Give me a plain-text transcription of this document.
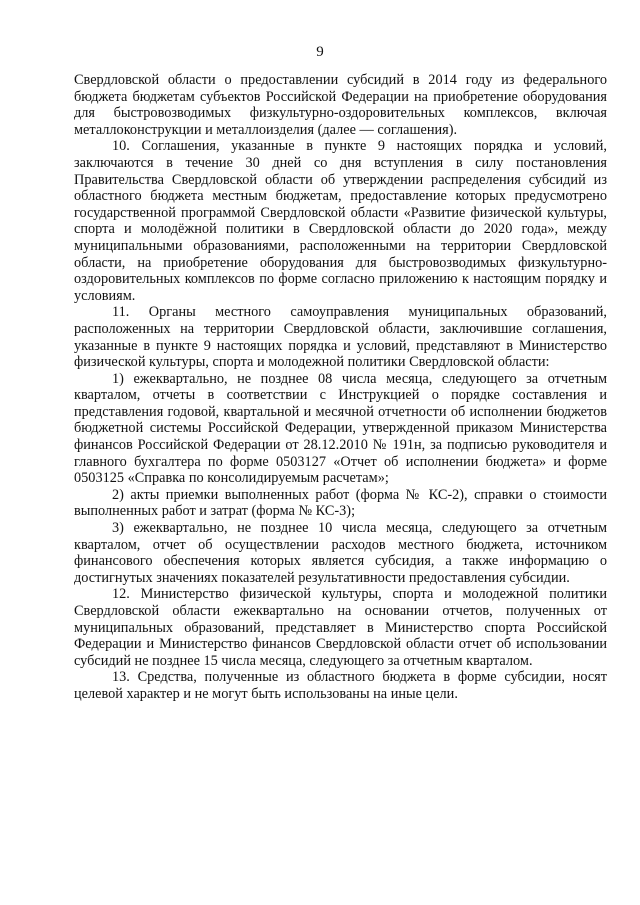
9

Свердловской области о предоставлении субсидий в 2014 году из федерального бюджета бюджетам субъектов Российской Федерации на приобретение оборудования для быстровозводимых физкультурно-оздоровительных комплексов, включая металлоконструкции и металлоизделия (далее — соглашения).

10. Соглашения, указанные в пункте 9 настоящих порядка и условий, заключаются в течение 30 дней со дня вступления в силу постановления Правительства Свердловской области об утверждении распределения субсидий из областного бюджета местным бюджетам, предоставление которых предусмотрено государственной программой Свердловской области «Развитие физической культуры, спорта и молодёжной политики в Свердловской области до 2020 года», между муниципальными образованиями, расположенными на территории Свердловской области, на приобретение оборудования для быстровозводимых физкультурно-оздоровительных комплексов по форме согласно приложению к настоящим порядку и условиям.

11. Органы местного самоуправления муниципальных образований, расположенных на территории Свердловской области, заключившие соглашения, указанные в пункте 9 настоящих порядка и условий, представляют в Министерство физической культуры, спорта и молодежной политики Свердловской области:

1) ежеквартально, не позднее 08 числа месяца, следующего за отчетным кварталом, отчеты в соответствии с Инструкцией о порядке составления и представления годовой, квартальной и месячной отчетности об исполнении бюджетов бюджетной системы Российской Федерации, утвержденной приказом Министерства финансов Российской Федерации от 28.12.2010 № 191н, за подписью руководителя и главного бухгалтера по форме 0503127 «Отчет об исполнении бюджета» и форме 0503125 «Справка по консолидируемым расчетам»;

2) акты приемки выполненных работ (форма № КС-2), справки о стоимости выполненных работ и затрат (форма № КС-3);

3) ежеквартально, не позднее 10 числа месяца, следующего за отчетным кварталом, отчет об осуществлении расходов местного бюджета, источником финансового обеспечения которых является субсидия, а также информацию о достигнутых значениях показателей результативности предоставления субсидии.

12. Министерство физической культуры, спорта и молодежной политики Свердловской области ежеквартально на основании отчетов, полученных от муниципальных образований, представляет в Министерство спорта Российской Федерации и Министерство финансов Свердловской области отчет об использовании субсидий не позднее 15 числа месяца, следующего за отчетным кварталом.

13. Средства, полученные из областного бюджета в форме субсидии, носят целевой характер и не могут быть использованы на иные цели.
